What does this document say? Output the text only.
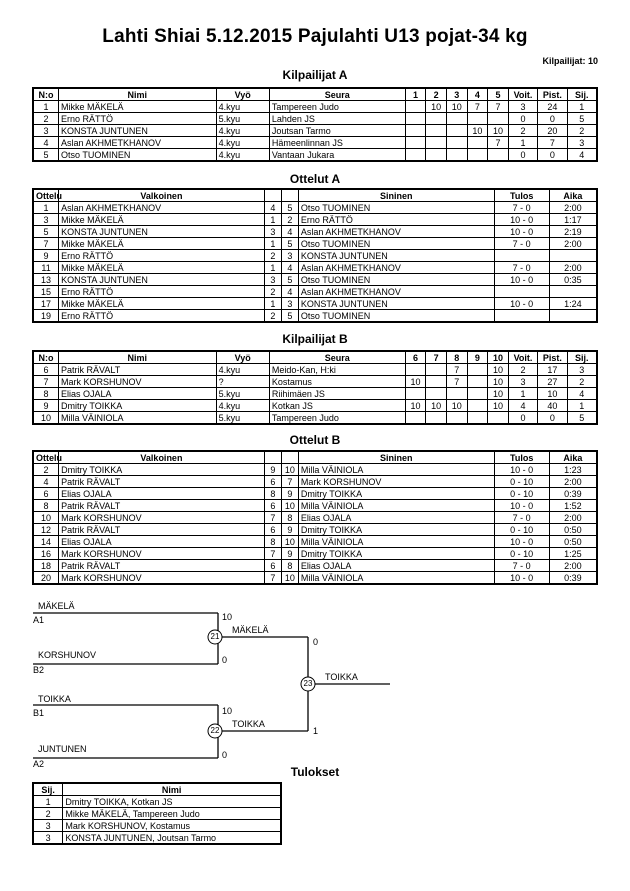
Lahti Shiai 5.12.2015 Pajulahti U13 pojat-34 kg
Kilpailijat: 10
Kilpailijat A
N:o	Nimi	Vyö	Seura	1	2	3	4	5	Voit.	Pist.	Sij.
1	Mikke MÄKELÄ	4.kyu	Tampereen Judo		10	10	7	7	3	24	1
2	Erno RÄTTÖ	5.kyu	Lahden JS						0	0	5
3	KONSTA JUNTUNEN	4.kyu	Joutsan Tarmo				10	10	2	20	2
4	Aslan AKHMETKHANOV	4.kyu	Hämeenlinnan JS					7	1	7	3
5	Otso TUOMINEN	4.kyu	Vantaan Jukara						0	0	4
Ottelut A
Ottelu	Valkoinen			Sininen	Tulos	Aika
1	Aslan AKHMETKHANOV	4	5	Otso TUOMINEN	7 - 0	2:00
3	Mikke MÄKELÄ	1	2	Erno RÄTTÖ	10 - 0	1:17
5	KONSTA JUNTUNEN	3	4	Aslan AKHMETKHANOV	10 - 0	2:19
7	Mikke MÄKELÄ	1	5	Otso TUOMINEN	7 - 0	2:00
9	Erno RÄTTÖ	2	3	KONSTA JUNTUNEN		
11	Mikke MÄKELÄ	1	4	Aslan AKHMETKHANOV	7 - 0	2:00
13	KONSTA JUNTUNEN	3	5	Otso TUOMINEN	10 - 0	0:35
15	Erno RÄTTÖ	2	4	Aslan AKHMETKHANOV		
17	Mikke MÄKELÄ	1	3	KONSTA JUNTUNEN	10 - 0	1:24
19	Erno RÄTTÖ	2	5	Otso TUOMINEN		
Kilpailijat B
N:o	Nimi	Vyö	Seura	6	7	8	9	10	Voit.	Pist.	Sij.
6	Patrik RÄVALT	4.kyu	Meido-Kan, H:ki			7		10	2	17	3
7	Mark KORSHUNOV	?	Kostamus	10		7		10	3	27	2
8	Elias OJALA	5.kyu	Riihimäen JS					10	1	10	4
9	Dmitry TOIKKA	4.kyu	Kotkan JS	10	10	10		10	4	40	1
10	Milla VÄINIOLA	5.kyu	Tampereen Judo						0	0	5
Ottelut B
Ottelu	Valkoinen			Sininen	Tulos	Aika
2	Dmitry TOIKKA	9	10	Milla VÄINIOLA	10 - 0	1:23
4	Patrik RÄVALT	6	7	Mark KORSHUNOV	0 - 10	2:00
6	Elias OJALA	8	9	Dmitry TOIKKA	0 - 10	0:39
8	Patrik RÄVALT	6	10	Milla VÄINIOLA	10 - 0	1:52
10	Mark KORSHUNOV	7	8	Elias OJALA	7 - 0	2:00
12	Patrik RÄVALT	6	9	Dmitry TOIKKA	0 - 10	0:50
14	Elias OJALA	8	10	Milla VÄINIOLA	10 - 0	0:50
16	Mark KORSHUNOV	7	9	Dmitry TOIKKA	0 - 10	1:25
18	Patrik RÄVALT	6	8	Elias OJALA	7 - 0	2:00
20	Mark KORSHUNOV	7	10	Milla VÄINIOLA	10 - 0	0:39
MÄKELÄ
A1	10
KORSHUNOV
B2
0
21
MÄKELÄ
0
TOIKKA
B1	10
JUNTUNEN
A2
0
22
TOIKKA
1
23
TOIKKA
Tulokset
Sij.	Nimi
1	Dmitry TOIKKA, Kotkan JS
2	Mikke MÄKELÄ, Tampereen Judo
3	Mark KORSHUNOV, Kostamus
3	KONSTA JUNTUNEN, Joutsan Tarmo
